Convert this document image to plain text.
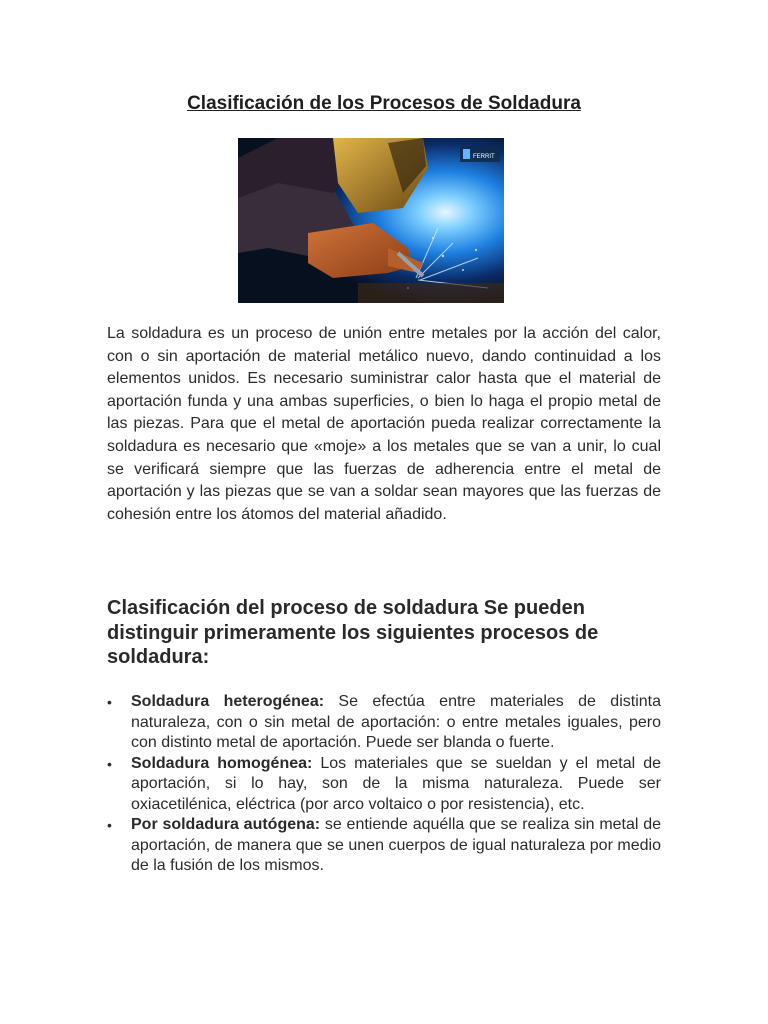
Clasificación de los Procesos de Soldadura
FERRIT

La soldadura es un proceso de unión entre metales por la acción del calor, con o sin aportación de material metálico nuevo, dando continuidad a los elementos unidos. Es necesario suministrar calor hasta que el material de aportación funda y una ambas superficies, o bien lo haga el propio metal de las piezas. Para que el metal de aportación pueda realizar correctamente la soldadura es necesario que «moje» a los metales que se van a unir, lo cual se verificará siempre que las fuerzas de adherencia entre el metal de aportación y las piezas que se van a soldar sean mayores que las fuerzas de cohesión entre los átomos del material añadido.

Clasificación del proceso de soldadura Se pueden distinguir primeramente los siguientes procesos de soldadura:
• Soldadura heterogénea: Se efectúa entre materiales de distinta naturaleza, con o sin metal de aportación: o entre metales iguales, pero con distinto metal de aportación. Puede ser blanda o fuerte.
• Soldadura homogénea: Los materiales que se sueldan y el metal de aportación, si lo hay, son de la misma naturaleza. Puede ser oxiacetilénica, eléctrica (por arco voltaico o por resistencia), etc.
• Por soldadura autógena: se entiende aquélla que se realiza sin metal de aportación, de manera que se unen cuerpos de igual naturaleza por medio de la fusión de los mismos.
